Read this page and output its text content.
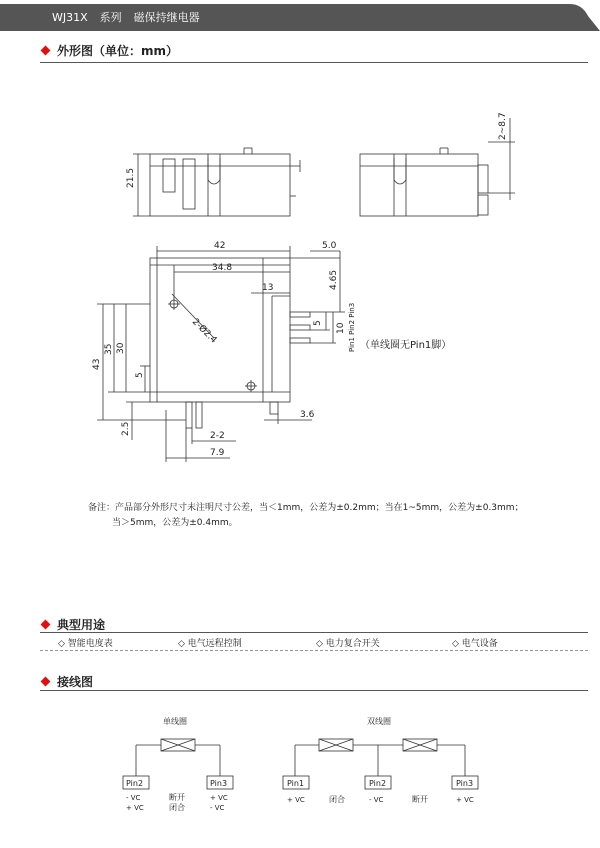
WJ31X 系列 磁保持继电器
外形图（单位：mm）
21.5
2~8.7
42	5.0
34.8
4.65
13
5 10
2-Ø2.4
43
35 30
5
2.5
3.6
2-2
7.9
Pin1 Pin2 Pin3 （单线圈无Pin1脚）
备注：产品部分外形尺寸未注明尺寸公差，当＜1mm，公差为±0.2mm；当在1~5mm，公差为±0.3mm；
当＞5mm，公差为±0.4mm。
典型用途
◇ 智能电度表	◇ 电气远程控制	◇ 电力复合开关	◇ 电气设备
接线图
单线圈
Pin2	Pin3
- VC
+ VC
断开
闭合
+ VC
- VC
双线圈
Pin1	Pin2	Pin3
+ VC	闭合	- VC	断开	+ VC
